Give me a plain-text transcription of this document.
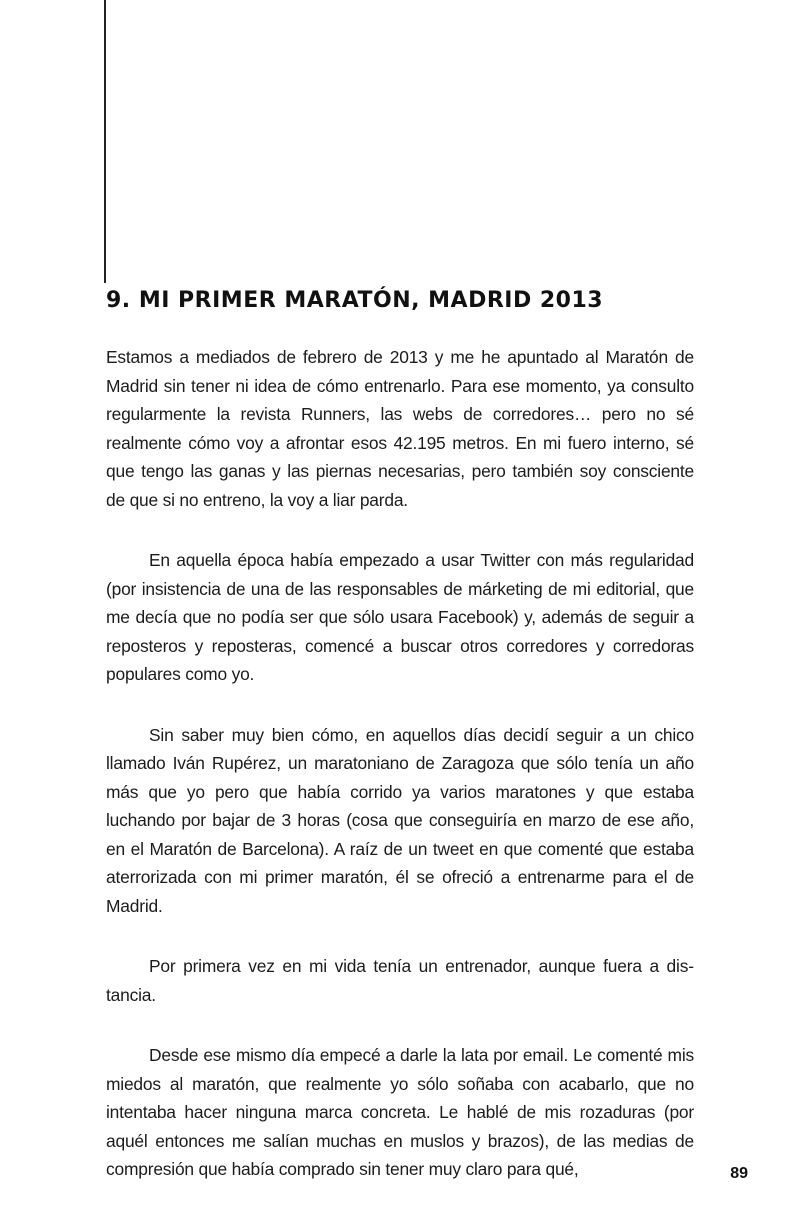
9. MI PRIMER MARATÓN, MADRID 2013

Estamos a mediados de febrero de 2013 y me he apuntado al Maratón de Madrid sin tener ni idea de cómo entrenarlo. Para ese momento, ya consulto regularmente la revista Runners, las webs de corredores… pero no sé realmente cómo voy a afrontar esos 42.195 metros. En mi fuero interno, sé que tengo las ganas y las piernas necesarias, pero también soy consciente de que si no entreno, la voy a liar parda.

En aquella época había empezado a usar Twitter con más regularidad (por insistencia de una de las responsables de márketing de mi editorial, que me decía que no podía ser que sólo usara Facebook) y, además de seguir a reposteros y reposteras, comencé a buscar otros corredores y corredoras populares como yo.

Sin saber muy bien cómo, en aquellos días decidí seguir a un chico llamado Iván Rupérez, un maratoniano de Zaragoza que sólo tenía un año más que yo pero que había corrido ya varios maratones y que estaba luchando por bajar de 3 horas (cosa que conseguiría en marzo de ese año, en el Maratón de Barcelona). A raíz de un tweet en que comenté que estaba aterrorizada con mi primer maratón, él se ofreció a entrenarme para el de Madrid.

Por primera vez en mi vida tenía un entrenador, aunque fuera a distancia.

Desde ese mismo día empecé a darle la lata por email. Le comenté mis miedos al maratón, que realmente yo sólo soñaba con acabarlo, que no intentaba hacer ninguna marca concreta. Le hablé de mis rozaduras (por aquél entonces me salían muchas en muslos y brazos), de las medias de compresión que había comprado sin tener muy claro para qué,	89
